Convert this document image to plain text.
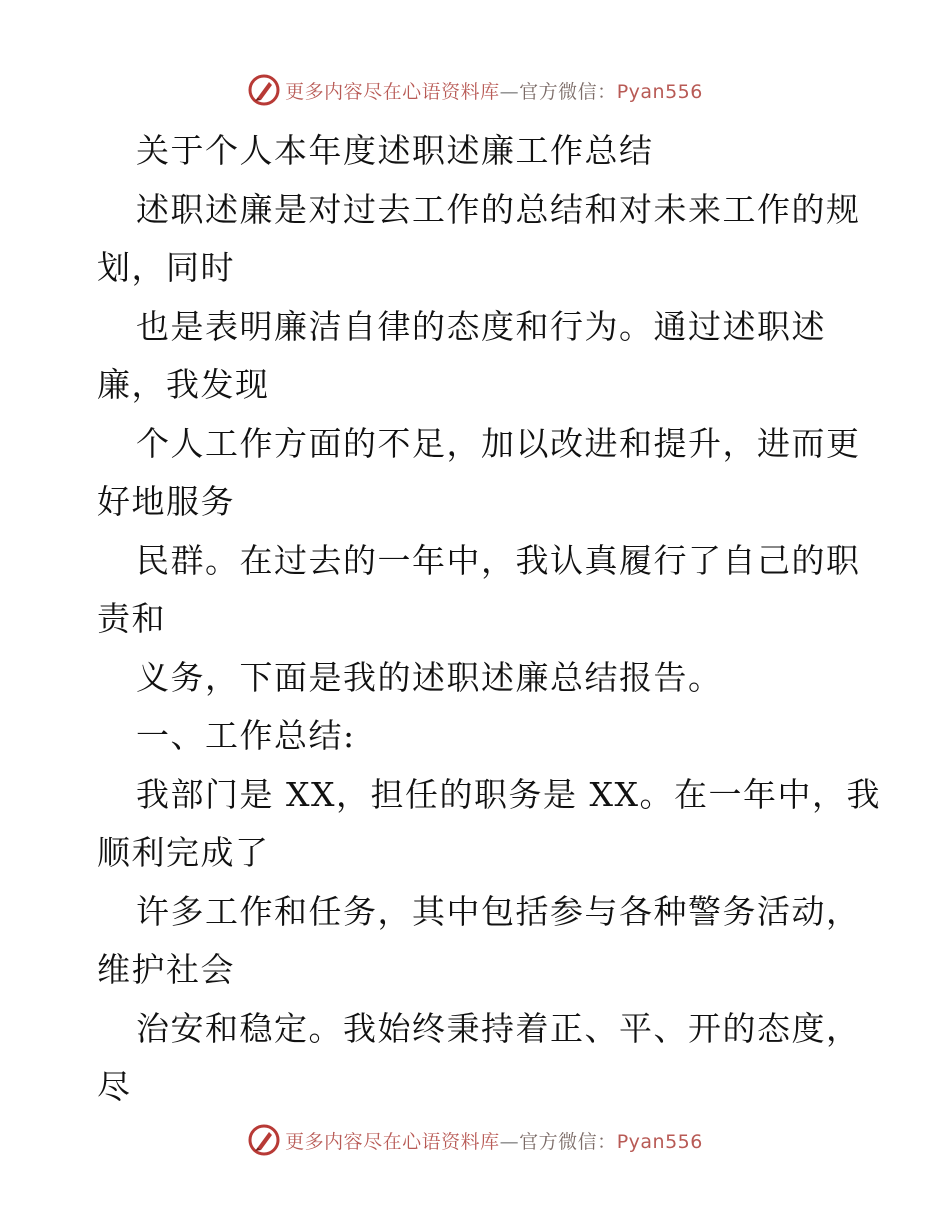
更多内容尽在心语资料库—官方微信：Pyan556
关于个人本年度述职述廉工作总结
述职述廉是对过去工作的总结和对未来工作的规
划，同时
也是表明廉洁自律的态度和行为。通过述职述
廉，我发现
个人工作方面的不足，加以改进和提升，进而更
好地服务
民群。在过去的一年中，我认真履行了自己的职
责和
义务，下面是我的述职述廉总结报告。
一、工作总结:
我部门是 XX，担任的职务是 XX。在一年中，我
顺利完成了
许多工作和任务，其中包括参与各种警务活动，
维护社会
治安和稳定。我始终秉持着正、平、开的态度，
尽
更多内容尽在心语资料库—官方微信：Pyan556
